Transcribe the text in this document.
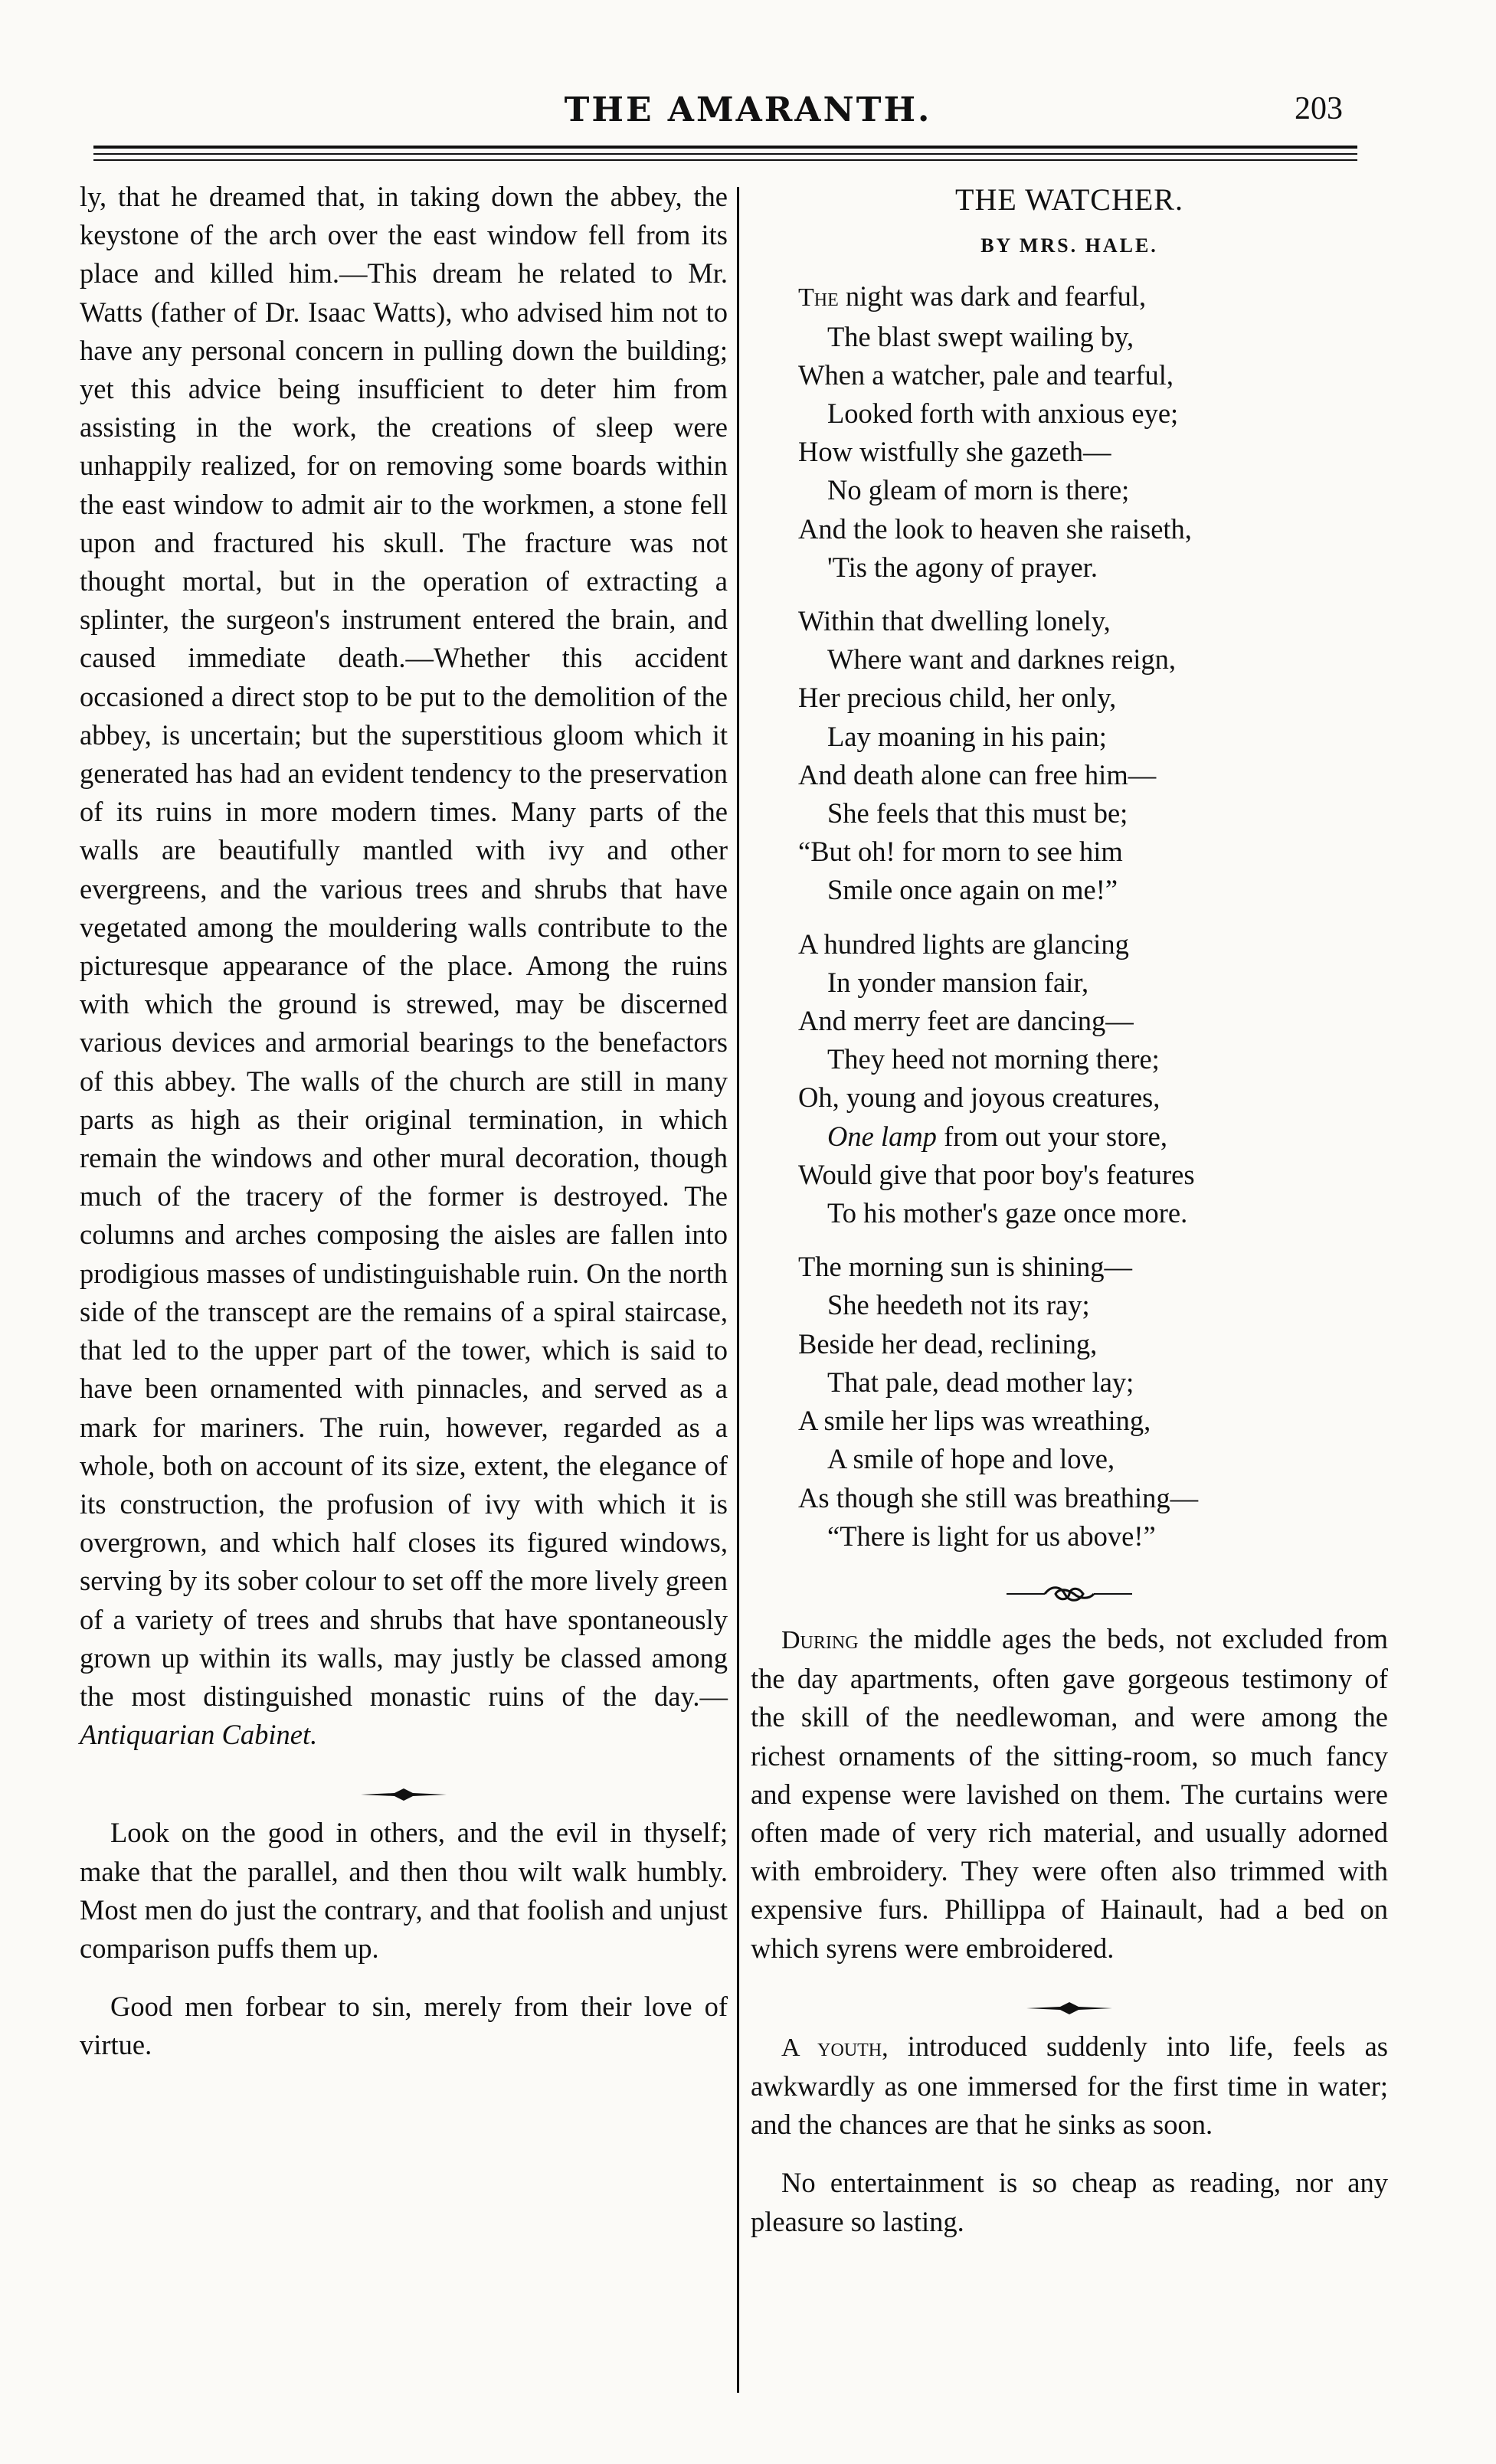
THE AMARANTH.	203

ly, that he dreamed that, in taking down the abbey, the keystone of the arch over the east window fell from its place and killed him.—This dream he related to Mr. Watts (father of Dr. Isaac Watts), who advised him not to have any personal concern in pulling down the building; yet this advice being insufficient to deter him from assisting in the work, the creations of sleep were unhappily realized, for on removing some boards within the east window to admit air to the workmen, a stone fell upon and fractured his skull. The fracture was not thought mortal, but in the operation of extracting a splinter, the surgeon's instrument entered the brain, and caused immediate death.—Whether this accident occasioned a direct stop to be put to the demolition of the abbey, is uncertain; but the superstitious gloom which it generated has had an evident tendency to the preservation of its ruins in more modern times. Many parts of the walls are beautifully mantled with ivy and other evergreens, and the various trees and shrubs that have vegetated among the mouldering walls contribute to the picturesque appearance of the place. Among the ruins with which the ground is strewed, may be discerned various devices and armorial bearings to the benefactors of this abbey. The walls of the church are still in many parts as high as their original termination, in which remain the windows and other mural decoration, though much of the tracery of the former is destroyed. The columns and arches composing the aisles are fallen into prodigious masses of undistinguishable ruin. On the north side of the transcept are the remains of a spiral staircase, that led to the upper part of the tower, which is said to have been ornamented with pinnacles, and served as a mark for mariners. The ruin, however, regarded as a whole, both on account of its size, extent, the elegance of its construction, the profusion of ivy with which it is overgrown, and which half closes its figured windows, serving by its sober colour to set off the more lively green of a variety of trees and shrubs that have spontaneously grown up within its walls, may justly be classed among the most distinguished monastic ruins of the day.—Antiquarian Cabinet.

Look on the good in others, and the evil in thyself; make that the parallel, and then thou wilt walk humbly. Most men do just the contrary, and that foolish and unjust comparison puffs them up.

Good men forbear to sin, merely from their love of virtue.

THE WATCHER.
BY MRS. HALE.
The night was dark and fearful,
The blast swept wailing by,
When a watcher, pale and tearful,
Looked forth with anxious eye;
How wistfully she gazeth—
No gleam of morn is there;
And the look to heaven she raiseth,
'Tis the agony of prayer.
Within that dwelling lonely,
Where want and darknes reign,
Her precious child, her only,
Lay moaning in his pain;
And death alone can free him—
She feels that this must be;
“But oh! for morn to see him
Smile once again on me!”
A hundred lights are glancing
In yonder mansion fair,
And merry feet are dancing—
They heed not morning there;
Oh, young and joyous creatures,
One lamp from out your store,
Would give that poor boy's features
To his mother's gaze once more.
The morning sun is shining—
She heedeth not its ray;
Beside her dead, reclining,
That pale, dead mother lay;
A smile her lips was wreathing,
A smile of hope and love,
As though she still was breathing—
“There is light for us above!”

During the middle ages the beds, not excluded from the day apartments, often gave gorgeous testimony of the skill of the needlewoman, and were among the richest ornaments of the sitting-room, so much fancy and expense were lavished on them. The curtains were often made of very rich material, and usually adorned with embroidery. They were often also trimmed with expensive furs. Phillippa of Hainault, had a bed on which syrens were embroidered.

A youth, introduced suddenly into life, feels as awkwardly as one immersed for the first time in water; and the chances are that he sinks as soon.

No entertainment is so cheap as reading, nor any pleasure so lasting.
